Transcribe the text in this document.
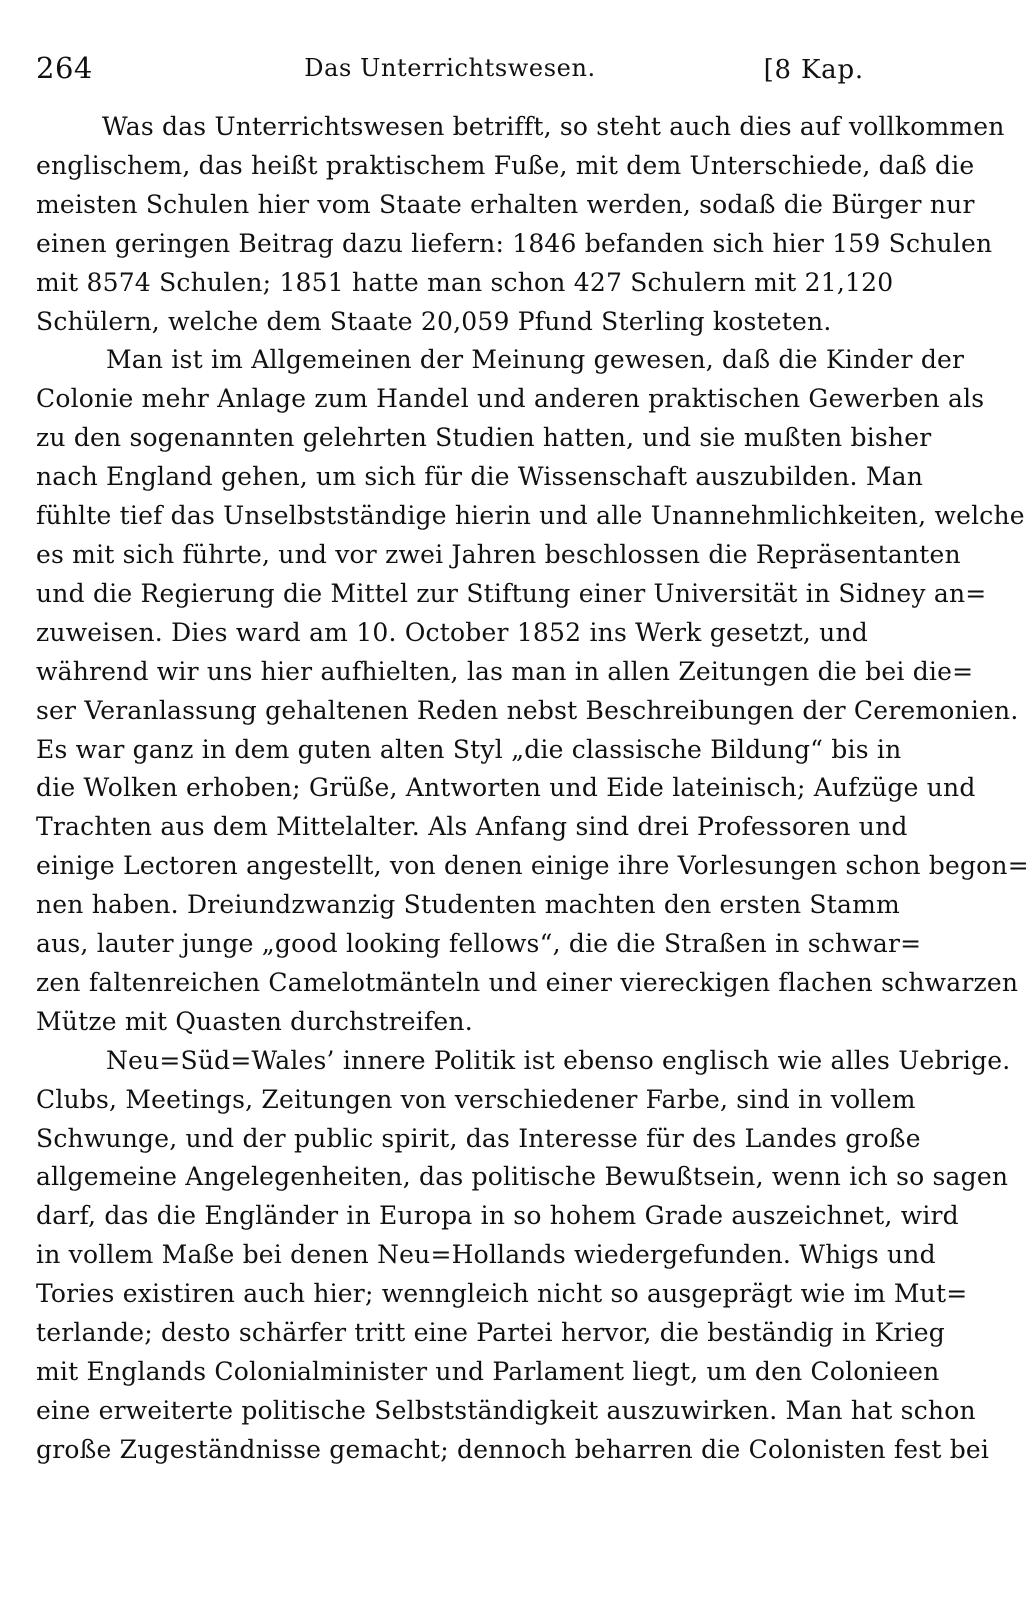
264	Das Unterrichtswesen.	[8 Kap.
Was das Unterrichtswesen betrifft, so steht auch dies auf vollkommen
englischem, das heißt praktischem Fuße, mit dem Unterschiede, daß die
meisten Schulen hier vom Staate erhalten werden, sodaß die Bürger nur
einen geringen Beitrag dazu liefern: 1846 befanden sich hier 159 Schulen
mit 8574 Schulen; 1851 hatte man schon 427 Schulern mit 21,120
Schülern, welche dem Staate 20,059 Pfund Sterling kosteten.
Man ist im Allgemeinen der Meinung gewesen, daß die Kinder der
Colonie mehr Anlage zum Handel und anderen praktischen Gewerben als
zu den sogenannten gelehrten Studien hatten, und sie mußten bisher
nach England gehen, um sich für die Wissenschaft auszubilden. Man
fühlte tief das Unselbstständige hierin und alle Unannehmlichkeiten, welche
es mit sich führte, und vor zwei Jahren beschlossen die Repräsentanten
und die Regierung die Mittel zur Stiftung einer Universität in Sidney an=
zuweisen. Dies ward am 10. October 1852 ins Werk gesetzt, und
während wir uns hier aufhielten, las man in allen Zeitungen die bei die=
ser Veranlassung gehaltenen Reden nebst Beschreibungen der Ceremonien.
Es war ganz in dem guten alten Styl „die classische Bildung“ bis in
die Wolken erhoben; Grüße, Antworten und Eide lateinisch; Aufzüge und
Trachten aus dem Mittelalter. Als Anfang sind drei Professoren und
einige Lectoren angestellt, von denen einige ihre Vorlesungen schon begon=
nen haben. Dreiundzwanzig Studenten machten den ersten Stamm
aus, lauter junge „good looking fellows“, die die Straßen in schwar=
zen faltenreichen Camelotmänteln und einer viereckigen flachen schwarzen
Mütze mit Quasten durchstreifen.
Neu=Süd=Wales’ innere Politik ist ebenso englisch wie alles Uebrige.
Clubs, Meetings, Zeitungen von verschiedener Farbe, sind in vollem
Schwunge, und der public spirit, das Interesse für des Landes große
allgemeine Angelegenheiten, das politische Bewußtsein, wenn ich so sagen
darf, das die Engländer in Europa in so hohem Grade auszeichnet, wird
in vollem Maße bei denen Neu=Hollands wiedergefunden. Whigs und
Tories existiren auch hier; wenngleich nicht so ausgeprägt wie im Mut=
terlande; desto schärfer tritt eine Partei hervor, die beständig in Krieg
mit Englands Colonialminister und Parlament liegt, um den Colonieen
eine erweiterte politische Selbstständigkeit auszuwirken. Man hat schon
große Zugeständnisse gemacht; dennoch beharren die Colonisten fest bei
